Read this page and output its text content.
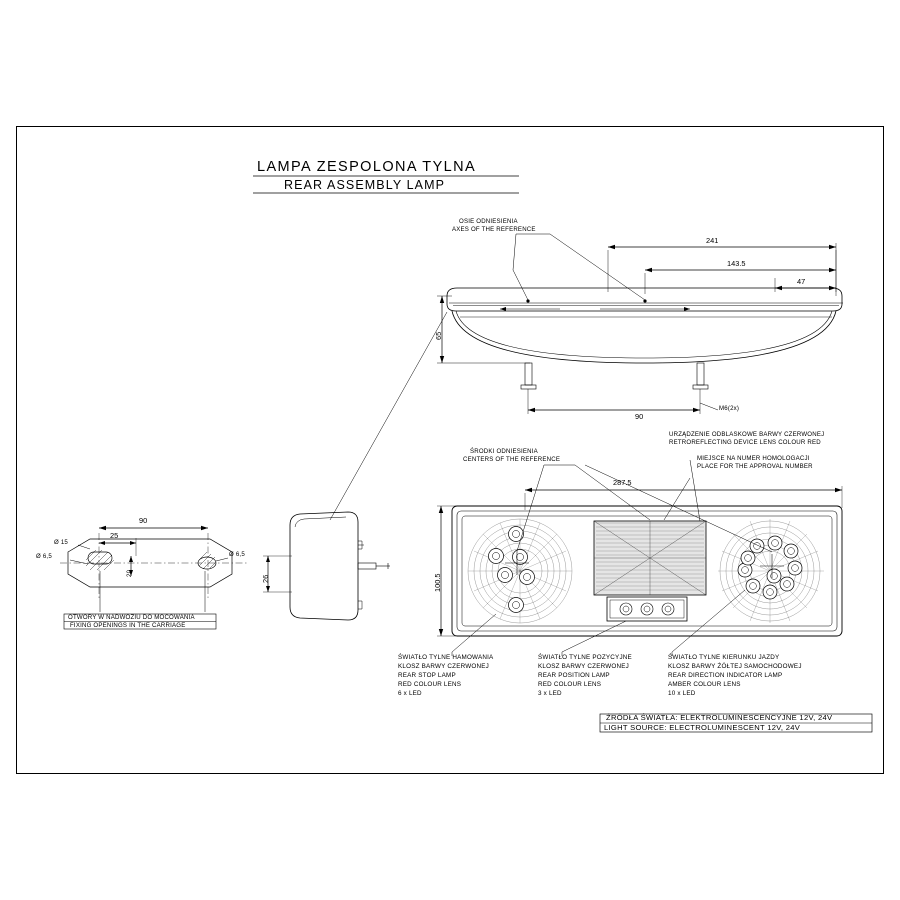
LAMPA ZESPOLONA TYLNA
REAR ASSEMBLY LAMP
OSIE ODNIESIENIA
AXES OF THE REFERENCE
241
143.5
47
65
90
M6(2x)
ŚRODKI ODNIESIENIA
CENTERS OF THE REFERENCE
URZĄDZENIE ODBLASKOWE BARWY CZERWONEJ
RETROREFLECTING DEVICE LENS COLOUR RED
MIEJSCE NA NUMER HOMOLOGACJI
PLACE FOR THE APPROVAL NUMBER
287.5
100.5
90
25
Ø 15
Ø 6,5	Ø 6,5
20
26
OTWORY W NADWOZIU DO MOCOWANIA
FIXING OPENINGS IN THE CARRIAGE
ŚWIATŁO TYLNE HAMOWANIA
KLOSZ BARWY CZERWONEJ
REAR STOP LAMP
RED COLOUR LENS
6 x LED
ŚWIATŁO TYLNE POZYCYJNE
KLOSZ BARWY CZERWONEJ
REAR POSITION LAMP
RED COLOUR LENS
3 x LED
ŚWIATŁO TYLNE KIERUNKU JAZDY
KLOSZ BARWY ŻÓŁTEJ SAMOCHODOWEJ
REAR DIRECTION INDICATOR LAMP
AMBER COLOUR LENS
10 x LED
ŹRÓDŁA ŚWIATŁA: ELEKTROLUMINESCENCYJNE 12V, 24V
LIGHT SOURCE: ELECTROLUMINESCENT 12V, 24V
